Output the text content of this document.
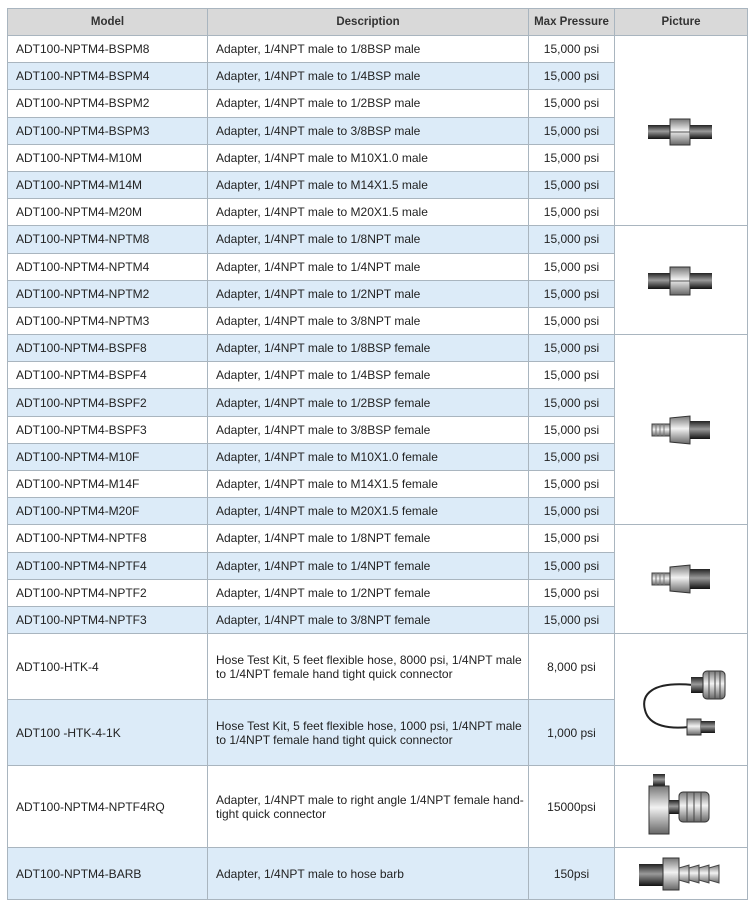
Model	Description	Max Pressure	Picture
ADT100-NPTM4-BSPM8	Adapter, 1/4NPT male to 1/8BSP male	15,000 psi	

ADT100-NPTM4-BSPM4	Adapter, 1/4NPT male to 1/4BSP male	15,000 psi	
ADT100-NPTM4-BSPM2	Adapter, 1/4NPT male to 1/2BSP male	15,000 psi	
ADT100-NPTM4-BSPM3	Adapter, 1/4NPT male to 3/8BSP male	15,000 psi	
ADT100-NPTM4-M10M	Adapter, 1/4NPT male to M10X1.0 male	15,000 psi	
ADT100-NPTM4-M14M	Adapter, 1/4NPT male to M14X1.5 male	15,000 psi	
ADT100-NPTM4-M20M	Adapter, 1/4NPT male to M20X1.5 male	15,000 psi	
ADT100-NPTM4-NPTM8	Adapter, 1/4NPT male to 1/8NPT male	15,000 psi	

ADT100-NPTM4-NPTM4	Adapter, 1/4NPT male to 1/4NPT male	15,000 psi	
ADT100-NPTM4-NPTM2	Adapter, 1/4NPT male to 1/2NPT male	15,000 psi	
ADT100-NPTM4-NPTM3	Adapter, 1/4NPT male to 3/8NPT male	15,000 psi	
ADT100-NPTM4-BSPF8	Adapter, 1/4NPT male to 1/8BSP female	15,000 psi	

ADT100-NPTM4-BSPF4	Adapter, 1/4NPT male to 1/4BSP female	15,000 psi	
ADT100-NPTM4-BSPF2	Adapter, 1/4NPT male to 1/2BSP female	15,000 psi	
ADT100-NPTM4-BSPF3	Adapter, 1/4NPT male to 3/8BSP female	15,000 psi	
ADT100-NPTM4-M10F	Adapter, 1/4NPT male to M10X1.0 female	15,000 psi	
ADT100-NPTM4-M14F	Adapter, 1/4NPT male to M14X1.5 female	15,000 psi	
ADT100-NPTM4-M20F	Adapter, 1/4NPT male to M20X1.5 female	15,000 psi	
ADT100-NPTM4-NPTF8	Adapter, 1/4NPT male to 1/8NPT female	15,000 psi	

ADT100-NPTM4-NPTF4	Adapter, 1/4NPT male to 1/4NPT female	15,000 psi	
ADT100-NPTM4-NPTF2	Adapter, 1/4NPT male to 1/2NPT female	15,000 psi	
ADT100-NPTM4-NPTF3	Adapter, 1/4NPT male to 3/8NPT female	15,000 psi	
ADT100-HTK-4	Hose Test Kit, 5 feet flexible hose, 8000 psi, 1/4NPT male to 1/4NPT female hand tight quick connector	8,000 psi	

ADT100 -HTK-4-1K	Hose Test Kit, 5 feet flexible hose, 1000 psi, 1/4NPT male to 1/4NPT female hand tight quick connector	1,000 psi	
ADT100-NPTM4-NPTF4RQ	Adapter, 1/4NPT male to right angle 1/4NPT female hand-tight quick connector	15000psi	

ADT100-NPTM4-BARB	Adapter, 1/4NPT male to hose barb	150psi	
